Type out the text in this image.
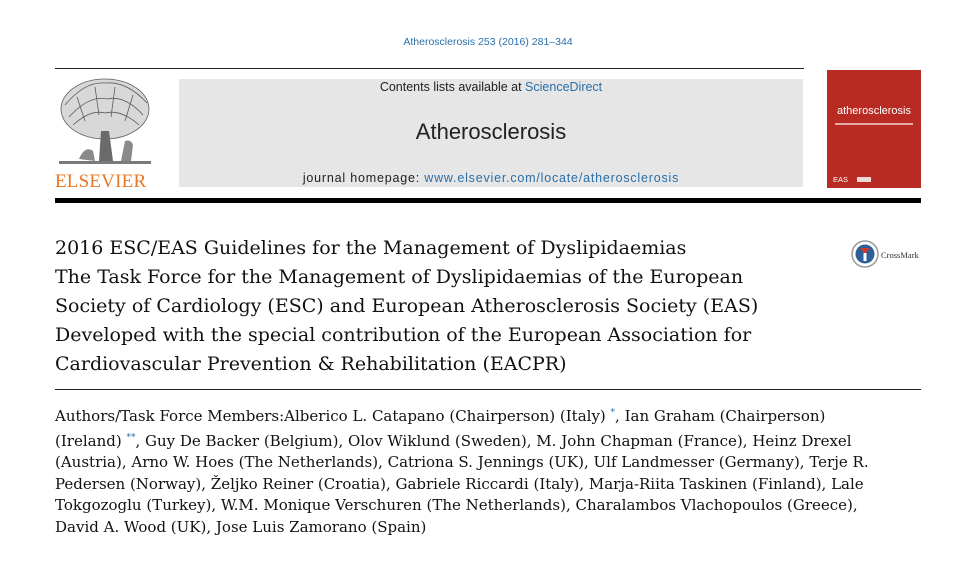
Atherosclerosis 253 (2016) 281–344
ELSEVIER
Contents lists available at ScienceDirect
Atherosclerosis
journal homepage: www.elsevier.com/locate/atherosclerosis
atherosclerosis
EAS
2016 ESC/EAS Guidelines for the Management of Dyslipidaemias
The Task Force for the Management of Dyslipidaemias of the European
Society of Cardiology (ESC) and European Atherosclerosis Society (EAS)
Developed with the special contribution of the European Association for
Cardiovascular Prevention & Rehabilitation (EACPR)
CrossMark
Authors/Task Force Members:Alberico L. Catapano (Chairperson) (Italy) *, Ian Graham (Chairperson)
(Ireland) **, Guy De Backer (Belgium), Olov Wiklund (Sweden), M. John Chapman (France), Heinz Drexel
(Austria), Arno W. Hoes (The Netherlands), Catriona S. Jennings (UK), Ulf Landmesser (Germany), Terje R.
Pedersen (Norway), Željko Reiner (Croatia), Gabriele Riccardi (Italy), Marja-Riita Taskinen (Finland), Lale
Tokgozoglu (Turkey), W.M. Monique Verschuren (The Netherlands), Charalambos Vlachopoulos (Greece),
David A. Wood (UK), Jose Luis Zamorano (Spain)
